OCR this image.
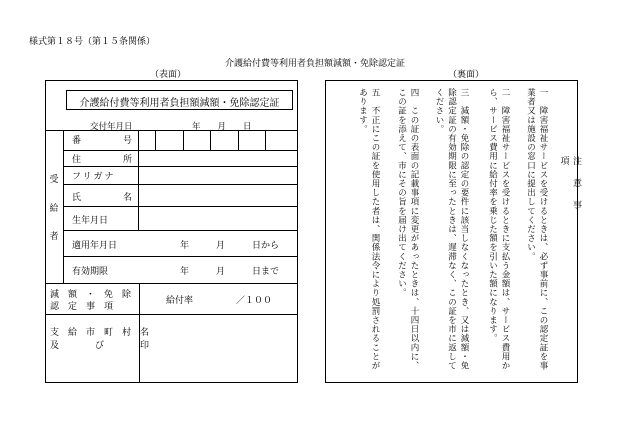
様式第１８号（第１５条関係）
介護給付費等利用者負担額減額・免除認定証
（表面）	（裏面）
介護給付費等利用者負担額減額・免除認定証
交付年月日　　　　　　　年　　月　　日
受
給
者
番	号
住	所
フリガナ
氏	名
生年月日
適用年月日	年　　　月　　　日から
有効期限	年　　　月　　　日まで
減　額　・　免　除
認　定　事　項
給付率	／１００
支　給　市　町　村　名
及　　　　び　　　　印
注　意　事　項
一　障害福祉サービスを受けるときは、必ず事前に、この認定証を事業者又は施設の窓口に提出してください。
二　障害福祉サービスを受けるときに支払う金額は、サービス費用から、サービス費用に給付率を乗じた額を引いた額になります。
三　減額・免除の認定の要件に該当しなくなったとき、又は減額・免除認定証の有効期限に至ったときは、遅滞なく、この証を市に返してください。
四　この証の表面の記載事項に変更があったときは、十四日以内に、この証を添えて、市にその旨を届け出てください。
五　不正にこの証を使用した者は、関係法令により処罰されることがあります。
